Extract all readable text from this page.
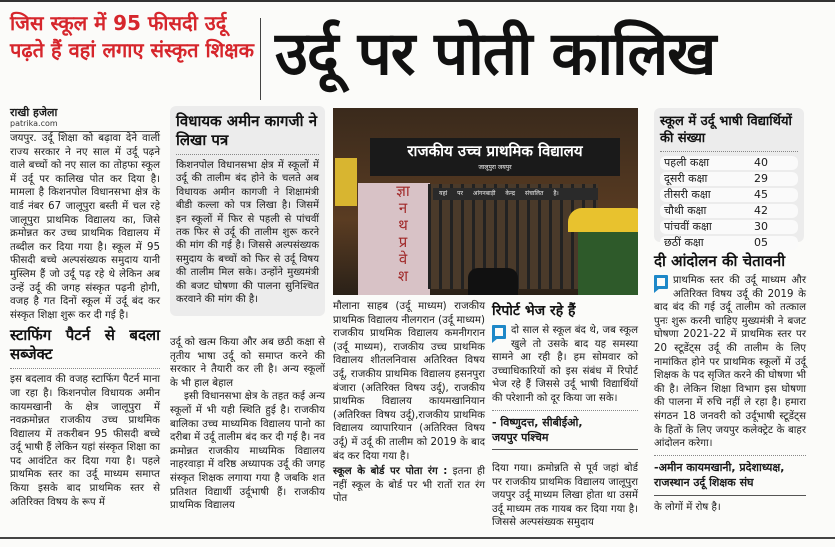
जिस स्कूल में 95 फीसदी उर्दू पढ़ते हैं वहां लगाए संस्कृत शिक्षक उर्दू पर पोती कालिख
राखी हजेला
patrika.com

जयपुर. उर्दू शिक्षा को बढ़ावा देने वाली राज्य सरकार ने नए साल में उर्दू पढ़ने वाले बच्चों को नए साल का तोहफा स्कूल में उर्दू पर कालिख पोत कर दिया है। मामला है किशनपोल विधानसभा क्षेत्र के वार्ड नंबर 67 जालूपुरा बस्ती में चल रहे जालूपुरा प्राथमिक विद्यालय का, जिसे क्रमोन्नत कर उच्च प्राथमिक विद्यालय में तब्दील कर दिया गया है। स्कूल में 95 फीसदी बच्चे अल्पसंख्यक समुदाय यानी मुस्लिम हैं जो उर्दू पढ़ रहे थे लेकिन अब उन्हें उर्दू की जगह संस्कृत पढ़नी होगी, वजह है गत दिनों स्कूल में उर्दू बंद कर संस्कृत शिक्षा शुरू कर दी गई है।

स्टाफिंग पैटर्न से बदला सब्जेक्ट

इस बदलाव की वजह स्टाफिंग पैटर्न माना जा रहा है। किशनपोल विधायक अमीन कायमखानी के क्षेत्र जालूपुरा में नवक्रमोन्नत राजकीय उच्च प्राथमिक विद्यालय में तकरीबन 95 फीसदी बच्चे उर्दू भाषी हैं लेकिन यहां संस्कृत शिक्षा का पद आवंटित कर दिया गया है। पहले प्राथमिक स्तर का उर्दू माध्यम समाप्त किया इसके बाद प्राथमिक स्तर से अतिरिक्त विषय के रूप में

विधायक अमीन कागजी ने लिखा पत्र

किशनपोल विधानसभा क्षेत्र में स्कूलों में उर्दू की तालीम बंद होने के चलते अब विधायक अमीन कागजी ने शिक्षामंत्री बीडी कल्ला को पत्र लिखा है। जिसमें इन स्कूलों में फिर से पहली से पांचवीं तक फिर से उर्दू की तालीम शुरू करने की मांग की गई है। जिससे अल्पसंख्यक समुदाय के बच्चों को फिर से उर्दू विषय की तालीम मिल सके। उन्होंने मुख्यमंत्री की बजट घोषणा की पालना सुनिश्चित करवाने की मांग की है।

उर्दू को खत्म किया और अब छठी कक्षा से तृतीय भाषा उर्दू को समाप्त करने की सरकार ने तैयारी कर ली है। अन्य स्कूलों के भी हाल बेहाल

इसी विधानसभा क्षेत्र के तहत कई अन्य स्कूलों में भी यही स्थिति हुई है। राजकीय बालिका उच्च माध्यमिक विद्यालय पानो का दरीबा में उर्दू तालीम बंद कर दी गई है। नव क्रमोन्नत राजकीय माध्यमिक विद्यालय नाहरवाड़ा में वरिष्ठ अध्यापक उर्दू की जगह संस्कृत शिक्षक लगाया गया है जबकि शत प्रतिशत विद्यार्थी उर्दूभाषी हैं। राजकीय प्राथमिक विद्यालय

राजकीय उच्च प्राथमिक विद्यालय
जालूपुरा जयपुर
ज्ञा
न
थ
प्र
वे
श
यहां पर आंगनबाड़ी केन्द्र संचालित है।

मौलाना साहब (उर्दू माध्यम) राजकीय प्राथमिक विद्यालय नीलगरान (उर्दू माध्यम) राजकीय प्राथमिक विद्यालय कमनीगरान (उर्दू माध्यम), राजकीय उच्च प्राथमिक विद्यालय शीतलनिवास अतिरिक्त विषय उर्दू, राजकीय प्राथमिक विद्यालय हसनपुरा बंजारा (अतिरिक्त विषय उर्दू), राजकीय प्राथमिक विद्यालय कायमखानियान (अतिरिक्त विषय उर्दू),राजकीय प्राथमिक विद्यालय व्यापारियान (अतिरिक्त विषय उर्दू) में उर्दू की तालीम को 2019 के बाद बंद कर दिया गया है।

स्कूल के बोर्ड पर पोता रंग : इतना ही नहीं स्कूल के बोर्ड पर भी रातों रात रंग पोत

रिपोर्ट भेज रहे हैं

दो साल से स्कूल बंद थे, जब स्कूल खुले तो उसके बाद यह समस्या सामने आ रही है। हम सोमवार को उच्चाधिकारियों को इस संबंध में रिपोर्ट भेज रहे हैं जिससे उर्दू भाषी विद्यार्थियों की परेशानी को दूर किया जा सके।

- विष्णुदत्त, सीबीईओ,
जयपुर पश्चिम

दिया गया। क्रमोन्नति से पूर्व जहां बोर्ड पर राजकीय प्राथमिक विद्यालय जालूपुरा जयपुर उर्दू माध्यम लिखा होता था उसमें उर्दू माध्यम तक गायब कर दिया गया है। जिससे अल्पसंख्यक समुदाय

स्कूल में उर्दू भाषी विद्यार्थियों की संख्या
पहली कक्षा	40
दूसरी कक्षा	29
तीसरी कक्षा	45
चौथी कक्षा	42
पांचवीं कक्षा	30
छठीं कक्षा	05
दी आंदोलन की चेतावनी

प्राथमिक स्तर की उर्दू माध्यम और अतिरिक्त विषय उर्दू की 2019 के बाद बंद की गई उर्दू तालीम को तत्काल पुनः शुरू करनी चाहिए मुख्यमंत्री ने बजट घोषणा 2021-22 में प्राथमिक स्तर पर 20 स्टूडेंट्स उर्दू की तालीम के लिए नामांकित होने पर प्राथमिक स्कूलों में उर्दू शिक्षक के पद सृजित करने की घोषणा भी की है। लेकिन शिक्षा विभाग इस घोषणा की पालना में रुचि नहीं ले रहा है। हमारा संगठन 18 जनवरी को उर्दूभाषी स्टूडेंट्स के हितों के लिए जयपुर कलेक्ट्रेट के बाहर आंदोलन करेगा।

-अमीन कायमखानी, प्रदेशाध्यक्ष, राजस्थान उर्दू शिक्षक संघ

के लोगों में रोष है।
